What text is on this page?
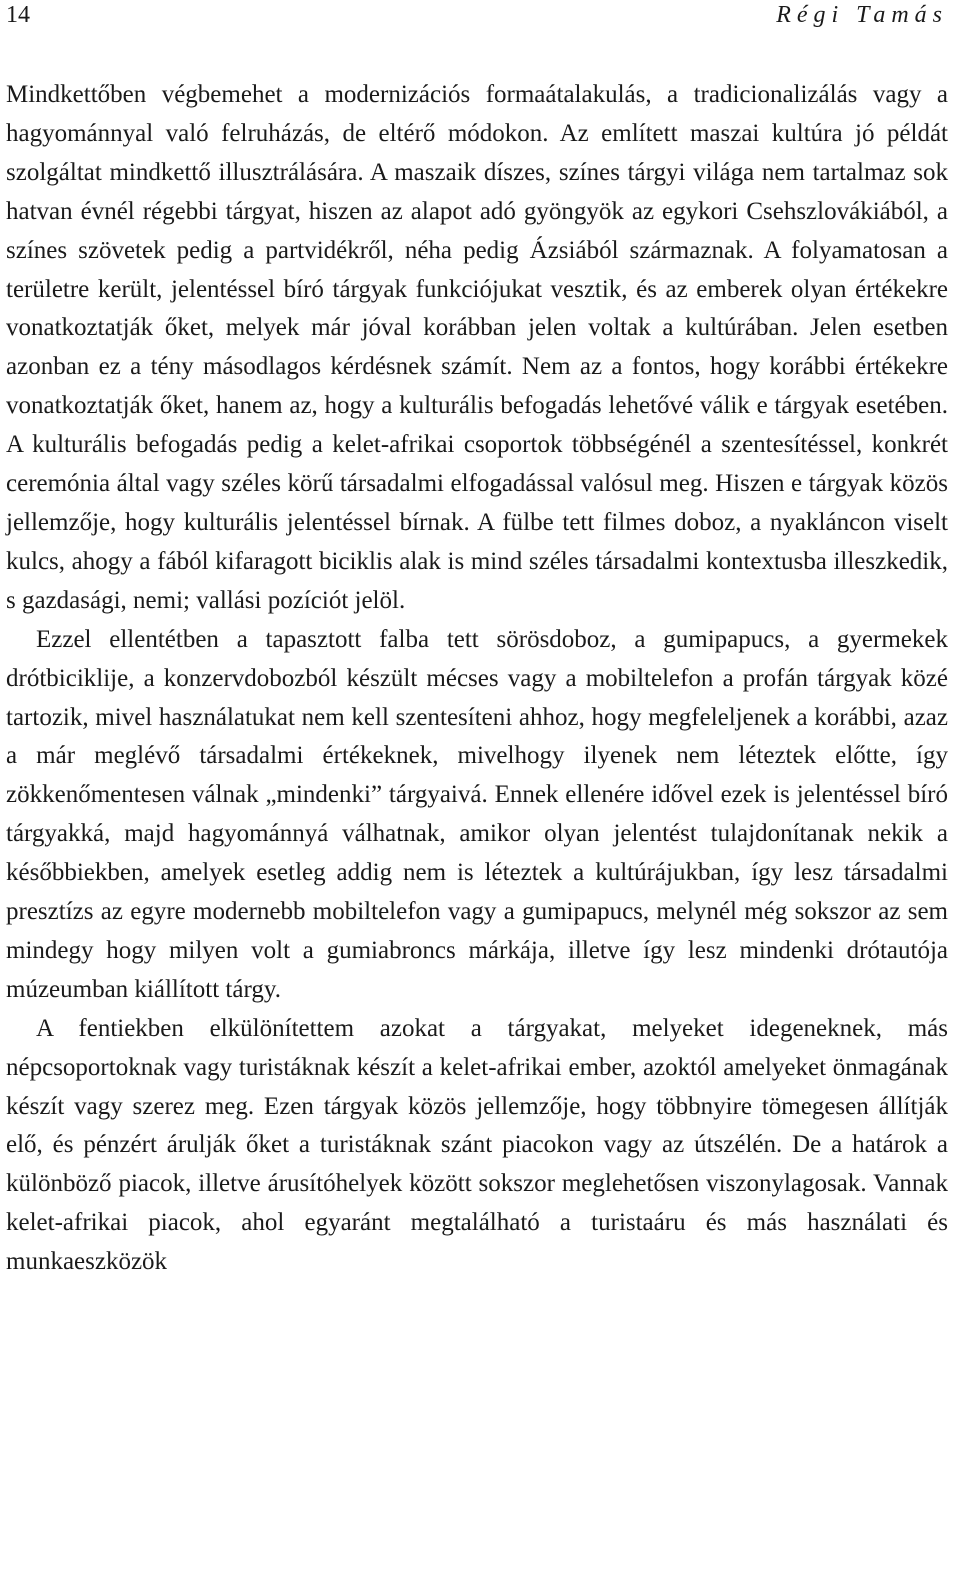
14	Régi Tamás

Mindkettőben végbemehet a modernizációs formaátalakulás, a tradicionalizálás vagy a hagyománnyal való felruházás, de eltérő módokon. Az említett maszai kultúra jó példát szolgáltat mindkettő illusztrálására. A maszaik díszes, színes tárgyi világa nem tartalmaz sok hatvan évnél régebbi tárgyat, hiszen az alapot adó gyöngyök az egykori Csehszlovákiából, a színes szövetek pedig a partvidékről, néha pedig Ázsiából származnak. A folyamatosan a területre került, jelentéssel bíró tárgyak funkciójukat vesztik, és az emberek olyan értékekre vonatkoztatják őket, melyek már jóval korábban jelen voltak a kultúrában. Jelen esetben azonban ez a tény másodlagos kérdésnek számít. Nem az a fontos, hogy korábbi értékekre vonatkoztatják őket, hanem az, hogy a kulturális befogadás lehetővé válik e tárgyak esetében. A kulturális befogadás pedig a kelet-afrikai csoportok többségénél a szentesítéssel, konkrét ceremónia által vagy széles körű társadalmi elfogadással valósul meg. Hiszen e tárgyak közös jellemzője, hogy kulturális jelentéssel bírnak. A fülbe tett filmes doboz, a nyakláncon viselt kulcs, ahogy a fából kifaragott biciklis alak is mind széles társadalmi kontextusba illeszkedik, s gazdasági, nemi; vallási pozíciót jelöl.

Ezzel ellentétben a tapasztott falba tett sörösdoboz, a gumipapucs, a gyermekek drótbiciklije, a konzervdobozból készült mécses vagy a mobiltelefon a profán tárgyak közé tartozik, mivel használatukat nem kell szentesíteni ahhoz, hogy megfeleljenek a korábbi, azaz a már meglévő társadalmi értékeknek, mivelhogy ilyenek nem léteztek előtte, így zökkenőmentesen válnak „mindenki” tárgyaivá. Ennek ellenére idővel ezek is jelentéssel bíró tárgyakká, majd hagyománnyá válhatnak, amikor olyan jelentést tulajdonítanak nekik a későbbiekben, amelyek esetleg addig nem is léteztek a kultúrájukban, így lesz társadalmi presztízs az egyre modernebb mobiltelefon vagy a gumipapucs, melynél még sokszor az sem mindegy hogy milyen volt a gumiabroncs márkája, illetve így lesz mindenki drótautója múzeumban kiállított tárgy.

A fentiekben elkülönítettem azokat a tárgyakat, melyeket idegeneknek, más népcsoportoknak vagy turistáknak készít a kelet-afrikai ember, azoktól amelyeket önmagának készít vagy szerez meg. Ezen tárgyak közös jellemzője, hogy többnyire tömegesen állítják elő, és pénzért árulják őket a turistáknak szánt piacokon vagy az útszélén. De a határok a különböző piacok, illetve árusítóhelyek között sokszor meglehetősen viszonylagosak. Vannak kelet-afrikai piacok, ahol egyaránt megtalálható a turistaáru és más használati és munkaeszközök
